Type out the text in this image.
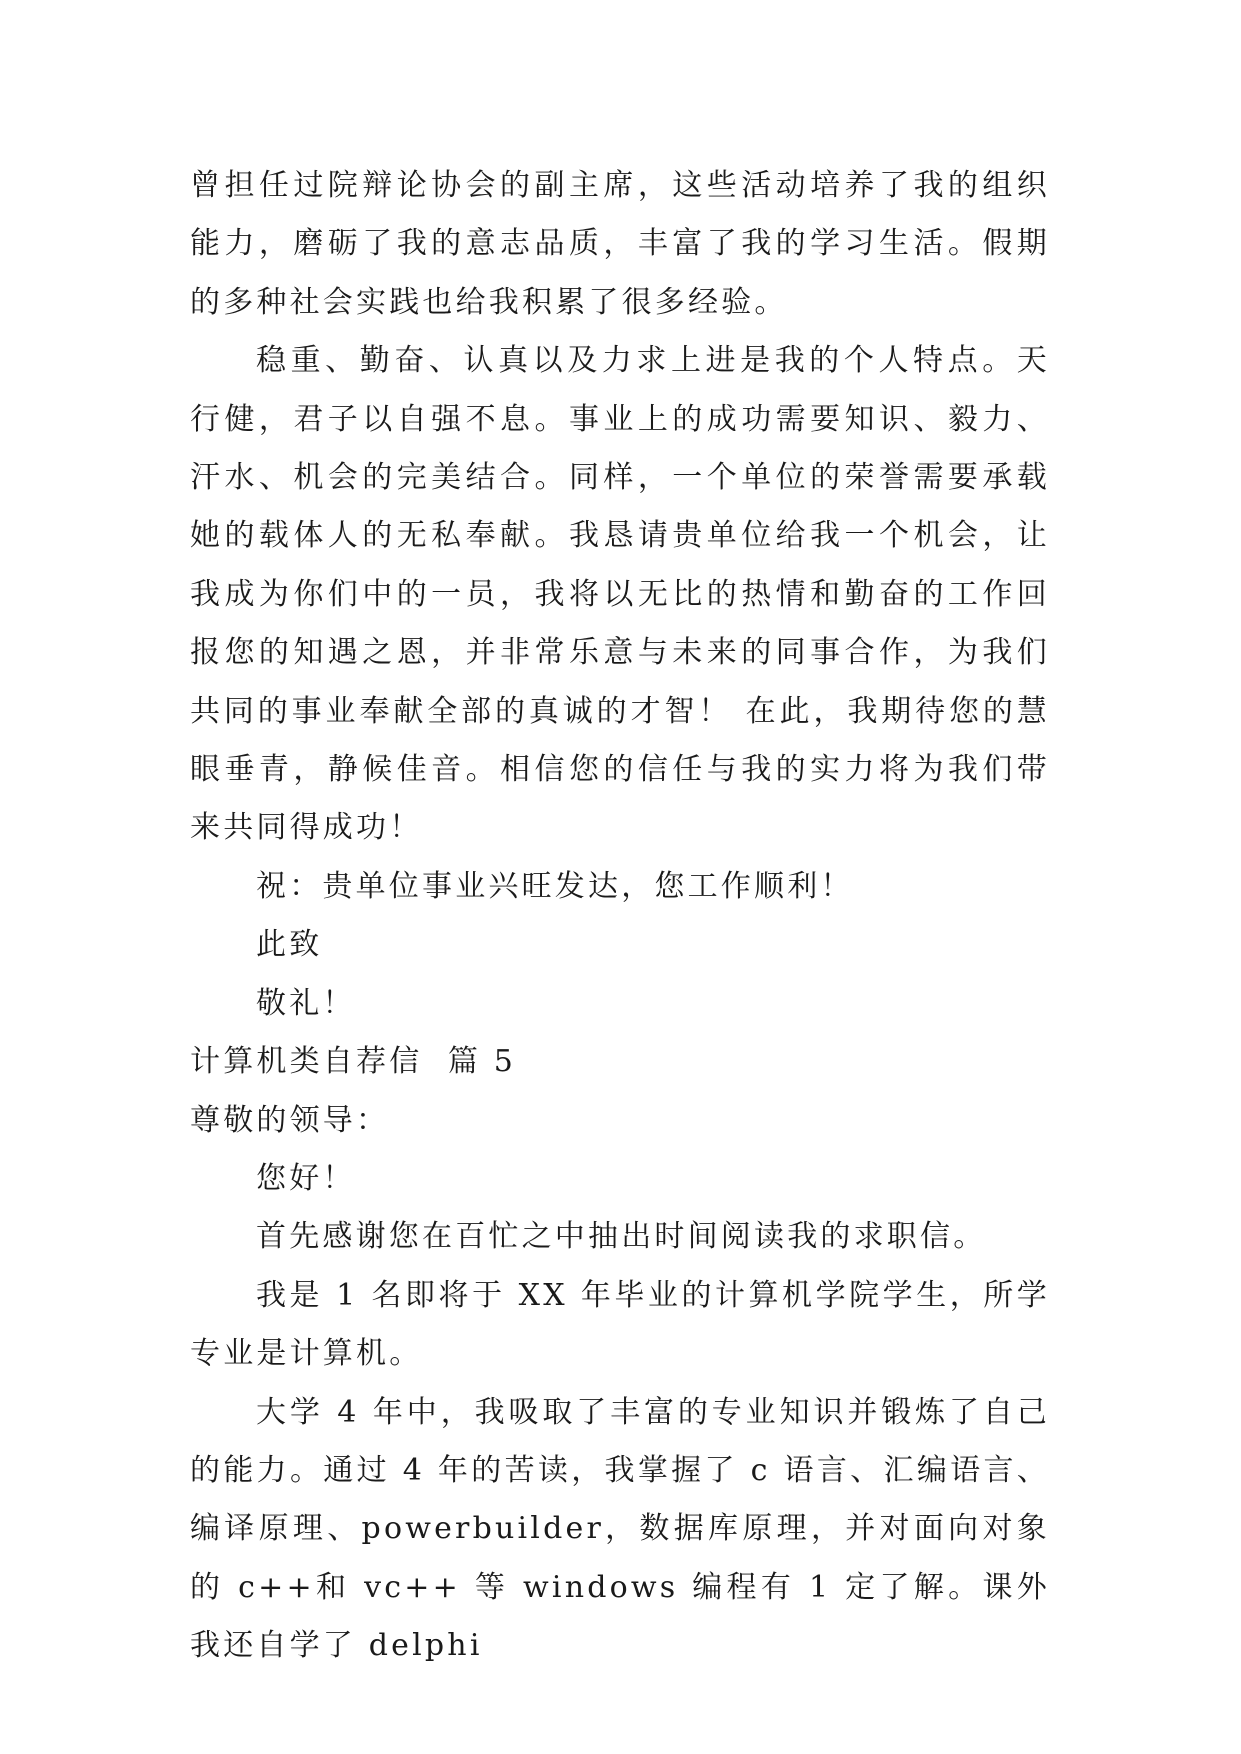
曾担任过院辩论协会的副主席，这些活动培养了我的组织能力，磨砺了我的意志品质，丰富了我的学习生活。假期的多种社会实践也给我积累了很多经验。

稳重、勤奋、认真以及力求上进是我的个人特点。天行健，君子以自强不息。事业上的成功需要知识、毅力、汗水、机会的完美结合。同样，一个单位的荣誉需要承载她的载体人的无私奉献。我恳请贵单位给我一个机会，让我成为你们中的一员，我将以无比的热情和勤奋的工作回报您的知遇之恩，并非常乐意与未来的同事合作，为我们共同的事业奉献全部的真诚的才智！ 在此，我期待您的慧眼垂青，静候佳音。相信您的信任与我的实力将为我们带来共同得成功！

祝：贵单位事业兴旺发达，您工作顺利！

此致

敬礼！

计算机类自荐信  篇 5

尊敬的领导：

您好！

首先感谢您在百忙之中抽出时间阅读我的求职信。

我是 1 名即将于 XX 年毕业的计算机学院学生，所学专业是计算机。

大学 4 年中，我吸取了丰富的专业知识并锻炼了自己的能力。通过 4 年的苦读，我掌握了 c 语言、汇编语言、编译原理、powerbuilder，数据库原理，并对面向对象的 c++和 vc++ 等 windows 编程有 1 定了解。课外我还自学了 delphi
